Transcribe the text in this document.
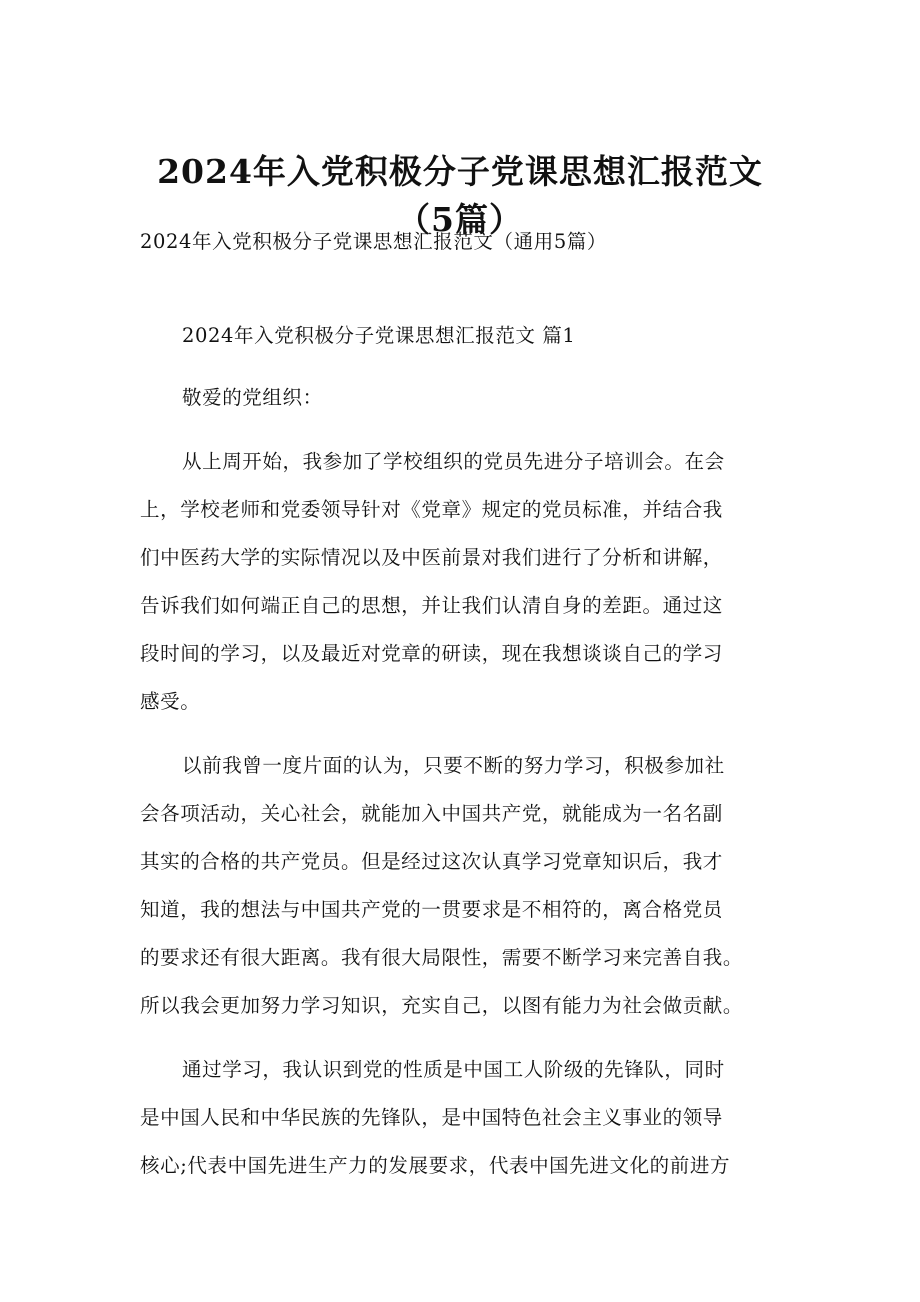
2024年入党积极分子党课思想汇报范文
（5篇）
2024年入党积极分子党课思想汇报范文（通用5篇）
2024年入党积极分子党课思想汇报范文 篇1
敬爱的党组织：
从上周开始，我参加了学校组织的党员先进分子培训会。在会
上，学校老师和党委领导针对《党章》规定的党员标准，并结合我
们中医药大学的实际情况以及中医前景对我们进行了分析和讲解，
告诉我们如何端正自己的思想，并让我们认清自身的差距。通过这
段时间的学习，以及最近对党章的研读，现在我想谈谈自己的学习
感受。
以前我曾一度片面的认为，只要不断的努力学习，积极参加社
会各项活动，关心社会，就能加入中国共产党，就能成为一名名副
其实的合格的共产党员。但是经过这次认真学习党章知识后，我才
知道，我的想法与中国共产党的一贯要求是不相符的，离合格党员
的要求还有很大距离。我有很大局限性，需要不断学习来完善自我。
所以我会更加努力学习知识，充实自己，以图有能力为社会做贡献。
通过学习，我认识到党的性质是中国工人阶级的先锋队，同时
是中国人民和中华民族的先锋队，是中国特色社会主义事业的领导
核心;代表中国先进生产力的发展要求，代表中国先进文化的前进方
